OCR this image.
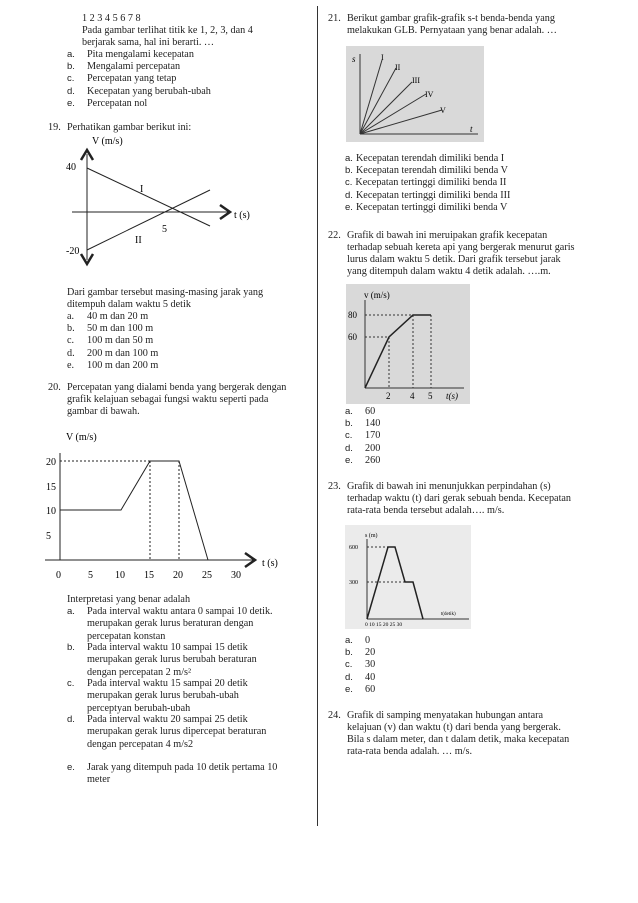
1 2 3 4 5 6 7 8
Pada gambar terlihat titik ke 1, 2, 3, dan 4
berjarak sama, hal ini berarti. …
a. Pita mengalami kecepatan
b. Mengalami percepatan
c. Percepatan yang tetap
d. Kecepatan yang berubah-ubah
e. Percepatan nol
19. Perhatikan gambar berikut ini:
V (m/s)
40
-20
I
II
5
t (s)
Dari gambar tersebut masing-masing jarak yang
ditempuh dalam waktu 5 detik
a. 40 m dan 20 m
b. 50 m dan 100 m
c. 100 m dan 50 m
d. 200 m dan 100 m
e. 100 m dan 200 m
20. Percepatan yang dialami benda yang bergerak dengan
grafik kelajuan sebagai fungsi waktu seperti pada
gambar di bawah.
V (m/s)
t (s)
20
15
10
5
0	5 10 15 20 25 30
Interpretasi yang benar adalah
a. Pada interval waktu antara 0 sampai 10 detik.
merupakan gerak lurus beraturan dengan
percepatan konstan
b. Pada interval waktu 10 sampai 15 detik
merupakan gerak lurus berubah beraturan
dengan percepatan 2 m/s²
c. Pada interval waktu 15 sampai 20 detik
merupakan gerak lurus berubah-ubah
perceptyan berubah-ubah
d. Pada interval waktu 20 sampai 25 detik
merupakan gerak lurus dipercepat beraturan
dengan percepatan 4 m/s2
e. Jarak yang ditempuh pada 10 detik pertama 10
meter
21. Berikut gambar grafik-grafik s-t benda-benda yang
melakukan GLB. Pernyataan yang benar adalah. …
s
t
I
II
III
IV
V
a. Kecepatan terendah dimiliki benda I
b. Kecepatan terendah dimiliki benda V
c. Kecepatan tertinggi dimiliki benda II
d. Kecepatan tertinggi dimiliki benda III
e. Kecepatan tertinggi dimiliki benda V
22. Grafik di bawah ini meruipakan grafik kecepatan
terhadap sebuah kereta api yang bergerak menurut garis
lurus dalam waktu 5 detik. Dari grafik tersebut jarak
yang ditempuh dalam waktu 4 detik adalah. ….m.
v (m/s)
80
60
2 4 5 t(s)
a. 60
b. 140
c. 170
d. 200
e. 260
23. Grafik di bawah ini menunjukkan perpindahan (s)
terhadap waktu (t) dari gerak sebuah benda. Kecepatan
rata-rata benda tersebut adalah…. m/s.
s (m)
600
300
0 10 15 20 25 30
t(detik)
a. 0
b. 20
c. 30
d. 40
e. 60
24. Grafik di samping menyatakan hubungan antara
kelajuan (v) dan waktu (t) dari benda yang bergerak.
Bila s dalam meter, dan t dalam detik, maka kecepatan
rata-rata benda adalah. … m/s.
